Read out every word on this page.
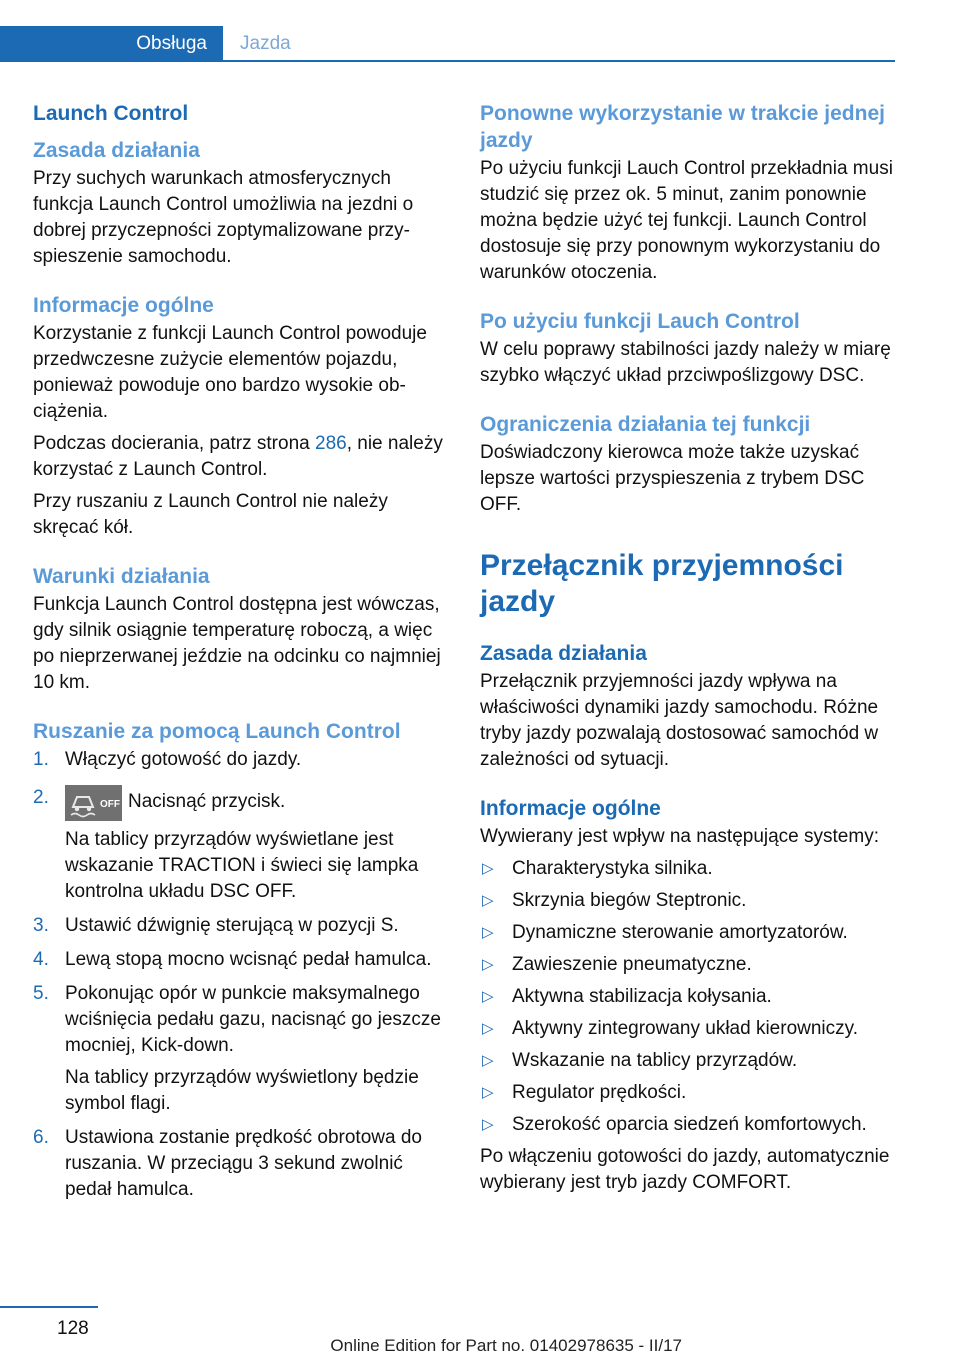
Obsługa	Jazda
Launch Control
Zasada działania

Przy suchych warunkach atmosferycznych funkcja Launch Control umożliwia na jezdni o dobrej przyczepności zoptymalizowane przyspieszenie samochodu.

Informacje ogólne

Korzystanie z funkcji Launch Control powoduje przedwczesne zużycie elementów pojazdu, ponieważ powoduje ono bardzo wysokie obciążenia.

Podczas docierania, patrz strona 286, nie należy korzystać z Launch Control.

Przy ruszaniu z Launch Control nie należy skręcać kół.

Warunki działania

Funkcja Launch Control dostępna jest wówczas, gdy silnik osiągnie temperaturę roboczą, a więc po nieprzerwanej jeździe na odcinku co najmniej 10 km.

Ruszanie za pomocą Launch Control
1. Włączyć gotowość do jazdy.
2.	OFF Nacisnąć przycisk.

Na tablicy przyrządów wyświetlane jest wskazanie TRACTION i świeci się lampka kontrolna układu DSC OFF.

3. Ustawić dźwignię sterującą w pozycji S.
4. Lewą stopą mocno wcisnąć pedał hamulca.
5. Pokonując opór w punkcie maksymalnego wciśnięcia pedału gazu, nacisnąć go jeszcze mocniej, Kick-down.

Na tablicy przyrządów wyświetlony będzie symbol flagi.

6. Ustawiona zostanie prędkość obrotowa do ruszania. W przeciągu 3 sekund zwolnić pedał hamulca.
Ponowne wykorzystanie w trakcie jednej jazdy

Po użyciu funkcji Lauch Control przekładnia musi studzić się przez ok. 5 minut, zanim ponownie można będzie użyć tej funkcji. Launch Control dostosuje się przy ponownym wykorzystaniu do warunków otoczenia.

Po użyciu funkcji Lauch Control

W celu poprawy stabilności jazdy należy w miarę szybko włączyć układ przciwpoślizgowy DSC.

Ograniczenia działania tej funkcji

Doświadczony kierowca może także uzyskać lepsze wartości przyspieszenia z trybem DSC OFF.

Przełącznik przyjemności jazdy
Zasada działania

Przełącznik przyjemności jazdy wpływa na właściwości dynamiki jazdy samochodu. Różne tryby jazdy pozwalają dostosować samochód w zależności od sytuacji.

Informacje ogólne

Wywierany jest wpływ na następujące systemy:

▷ Charakterystyka silnika.
▷ Skrzynia biegów Steptronic.
▷ Dynamiczne sterowanie amortyzatorów.
▷ Zawieszenie pneumatyczne.
▷ Aktywna stabilizacja kołysania.
▷ Aktywny zintegrowany układ kierowniczy.
▷ Wskazanie na tablicy przyrządów.
▷ Regulator prędkości.
▷ Szerokość oparcia siedzeń komfortowych.

Po włączeniu gotowości do jazdy, automatycznie wybierany jest tryb jazdy COMFORT.

128
Online Edition for Part no. 01402978635 - II/17
